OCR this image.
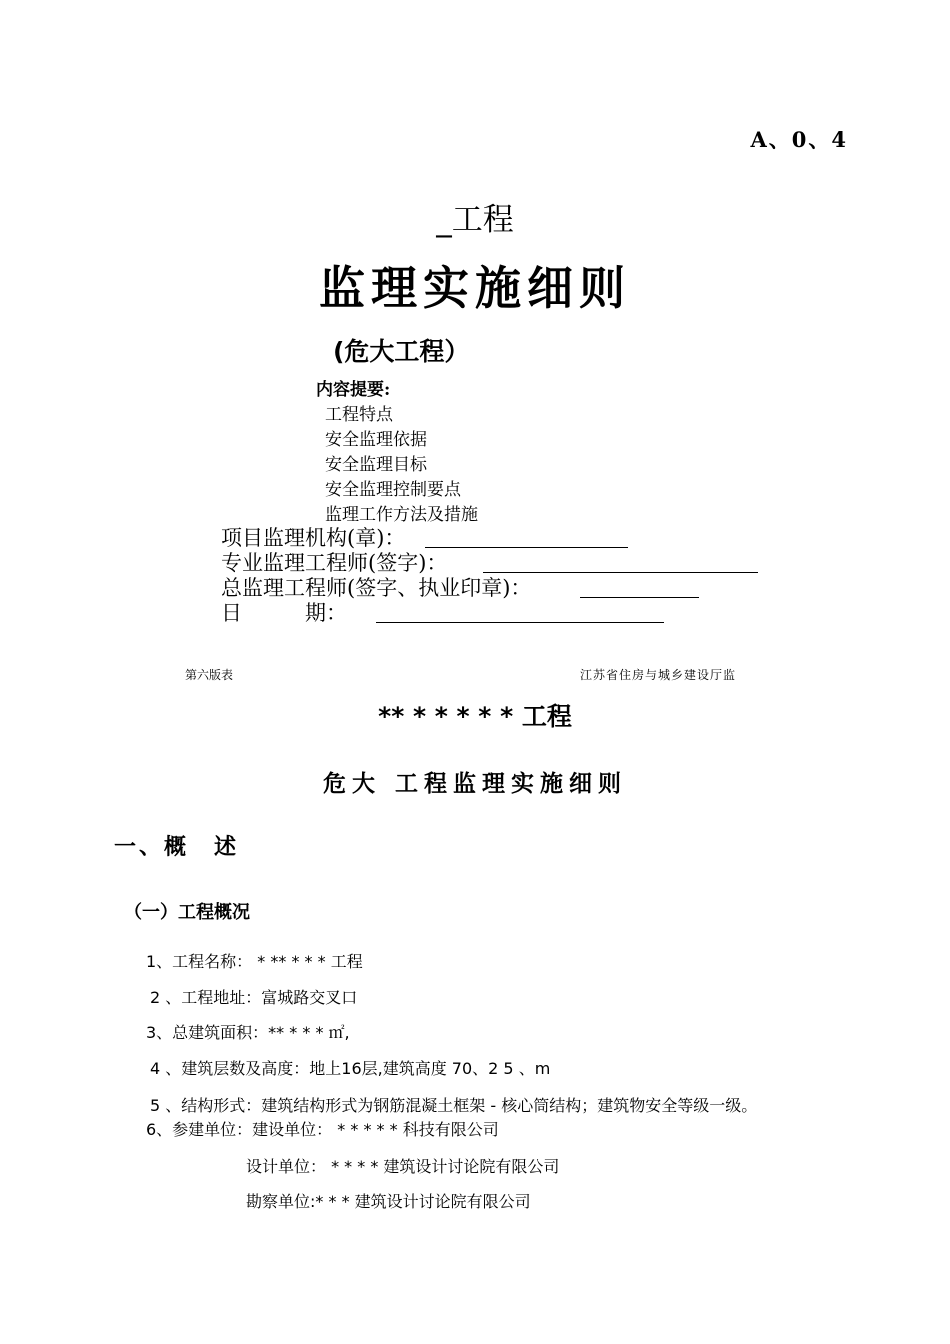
A、0、4
_工程
监理实施细则
(危大工程）
内容提要:
工程特点
安全监理依据
安全监理目标
安全监理控制要点
监理工作方法及措施
项目监理机构(章)：
专业监理工程师(签字)：
总监理工程师(签字、执业印章)：
日　　　期：
第六版表	江苏省住房与城乡建设厅监
** * * * * * 工程
危大 工程监理实施细则
一、概　述
（一）工程概况
1、工程名称： * ** * * * 工程
2 、工程地址：富城路交叉口
3、总建筑面积：** * * * ㎡,
4 、建筑层数及高度：地上16层,建筑高度 70、2 5 、m
5 、结构形式：建筑结构形式为钢筋混凝土框架 - 核心筒结构；建筑物安全等级一级。
6、参建单位：建设单位： * * * * * 科技有限公司
设计单位： * * * * 建筑设计讨论院有限公司
勘察单位:* * * 建筑设计讨论院有限公司
